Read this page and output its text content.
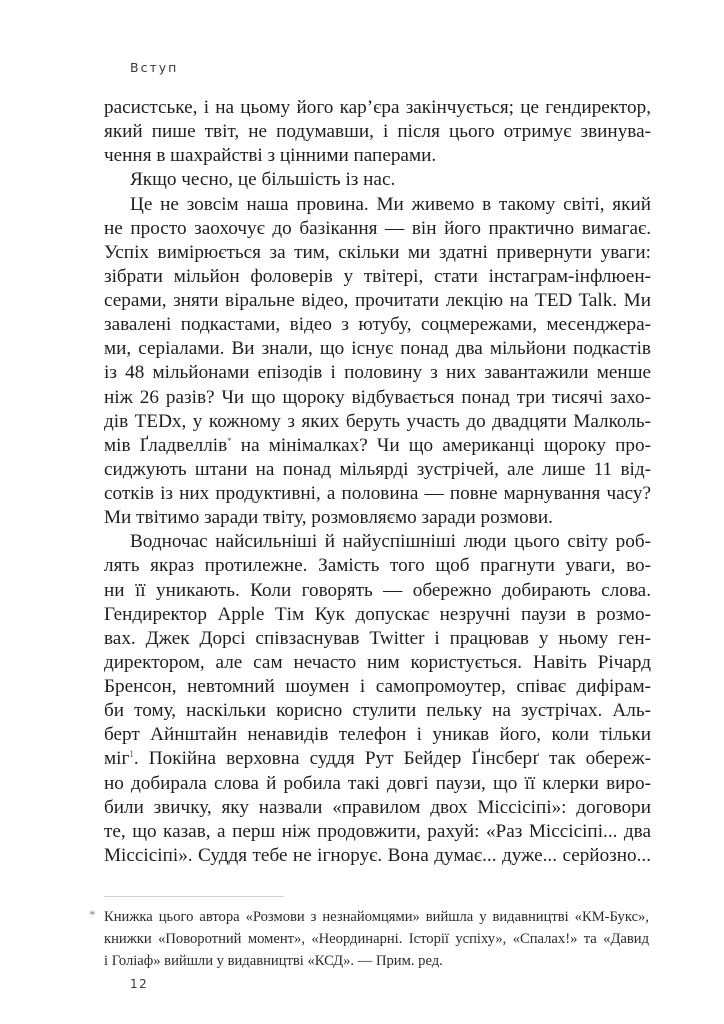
Вступ
расистське, і на цьому його кар’єра закінчується; це гендиректор,
який пише твіт, не подумавши, і після цього отримує звинува-
чення в шахрайстві з цінними паперами.
Якщо чесно, це більшість із нас.
Це не зовсім наша провина. Ми живемо в такому світі, який
не просто заохочує до базікання — він його практично вимагає.
Успіх вимірюється за тим, скільки ми здатні привернути уваги:
зібрати мільйон фоловерів у твітері, стати інстаграм-інфлюен-
серами, зняти віральне відео, прочитати лекцію на TED Talk. Ми
завалені подкастами, відео з ютубу, соцмережами, месенджера-
ми, серіалами. Ви знали, що існує понад два мільйони подкастів
із 48 мільйонами епізодів і половину з них завантажили менше
ніж 26 разів? Чи що щороку відбувається понад три тисячі захо-
дів TEDx, у кожному з яких беруть участь до двадцяти Малколь-
мів Ґладвеллів* на мінімалках? Чи що американці щороку про-
сиджують штани на понад мільярді зустрічей, але лише 11 від-
сотків із них продуктивні, а половина — повне марнування часу?
Ми твітимо заради твіту, розмовляємо заради розмови.
Водночас найсильніші й найуспішніші люди цього світу роб-
лять якраз протилежне. Замість того щоб прагнути уваги, во-
ни її уникають. Коли говорять — обережно добирають слова.
Гендиректор Apple Тім Кук допускає незручні паузи в розмо-
вах. Джек Дорсі співзаснував Twitter і працював у ньому ген-
директором, але сам нечасто ним користується. Навіть Річард
Бренсон, невтомний шоумен і самопромоутер, співає дифірам-
би тому, наскільки корисно стулити пельку на зустрічах. Аль-
берт Айнштайн ненавидів телефон і уникав його, коли тільки
міг$^1$. Покійна верховна суддя Рут Бейдер Ґінсберґ так обереж-
но добирала слова й робила такі довгі паузи, що її клерки виро-
били звичку, яку назвали «правилом двох Міссісіпі»: договори
те, що казав, а перш ніж продовжити, рахуй: «Раз Міссісіпі... два
Міссісіпі». Суддя тебе не ігнорує. Вона думає... дуже... серйозно...
* Книжка цього автора «Розмови з незнайомцями» вийшла у видавництві «КМ-Букс»,
книжки «Поворотний момент», «Неординарні. Історії успіху», «Спалах!» та «Давид
і Голіаф» вийшли у видавництві «КСД». — Прим. ред.
12
